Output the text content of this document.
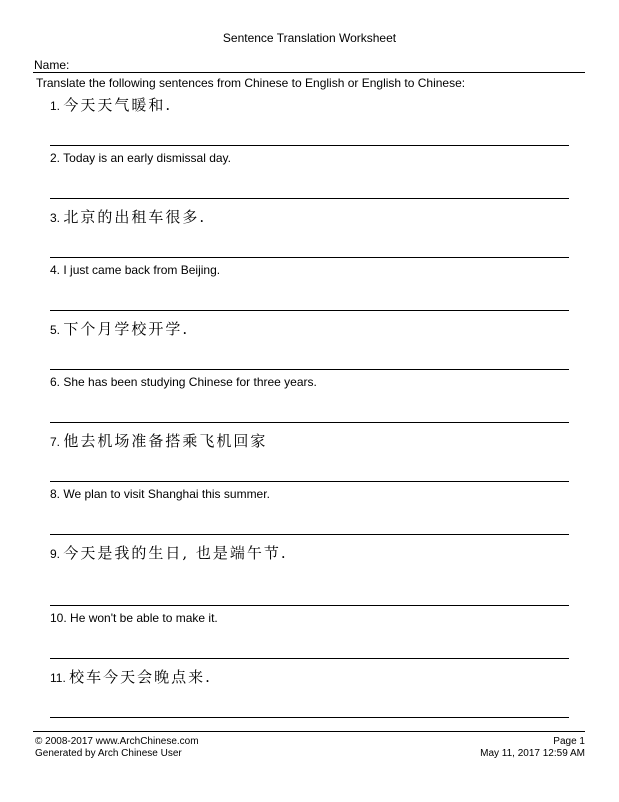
Sentence Translation Worksheet
Name:
Translate the following sentences from Chinese to English or English to Chinese:
1. 今天天气暖和.
2. Today is an early dismissal day.
3. 北京的出租车很多.
4. I just came back from Beijing.
5. 下个月学校开学.
6. She has been studying Chinese for three years.
7. 他去机场准备搭乘飞机回家
8. We plan to visit Shanghai this summer.
9. 今天是我的生日, 也是端午节.
10. He won't be able to make it.
11. 校车今天会晚点来.
© 2008-2017 www.ArchChinese.com
Generated by Arch Chinese User
Page 1
May 11, 2017 12:59 AM
